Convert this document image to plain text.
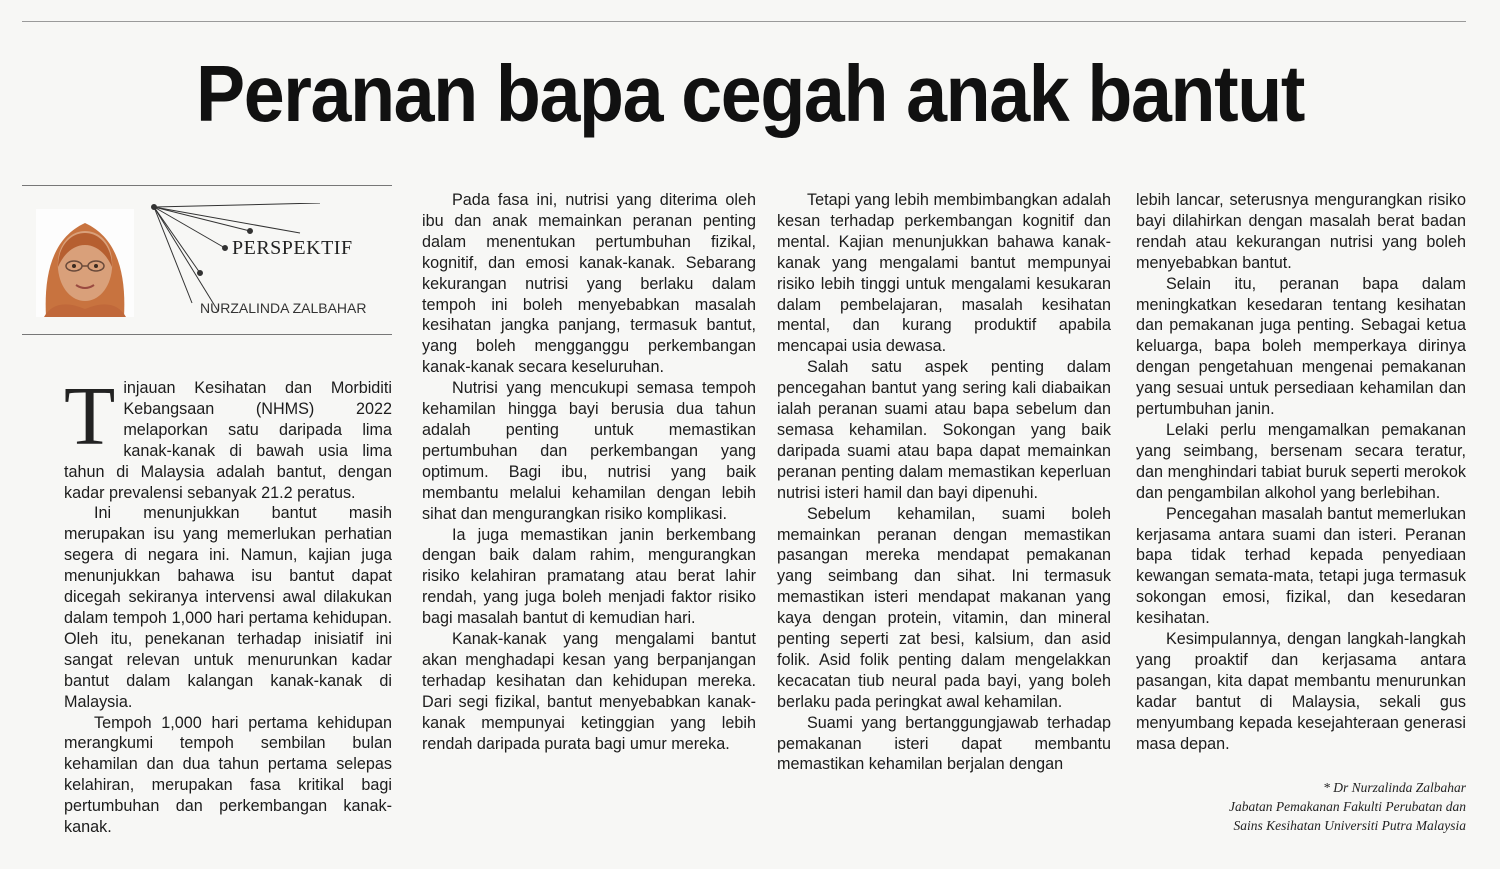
Peranan bapa cegah anak bantut
PERSPEKTIF
NURZALINDA ZALBAHAR
T injauan Kesihatan dan Morbiditi Kebangsaan (NHMS) 2022 melaporkan satu daripada lima kanak-kanak di bawah usia lima tahun di Malaysia adalah bantut, dengan kadar prevalensi sebanyak 21.2 peratus.

Ini menunjukkan bantut masih merupakan isu yang memerlukan perhatian segera di negara ini. Namun, kajian juga menunjukkan bahawa isu bantut dapat dicegah sekiranya intervensi awal dilakukan dalam tempoh 1,000 hari pertama kehidupan. Oleh itu, penekanan terhadap inisiatif ini sangat relevan untuk menurunkan kadar bantut dalam kalangan kanak-kanak di Malaysia.

Tempoh 1,000 hari pertama kehidupan merangkumi tempoh sembilan bulan kehamilan dan dua tahun pertama selepas kelahiran, merupakan fasa kritikal bagi pertumbuhan dan perkembangan kanak-kanak.

Pada fasa ini, nutrisi yang diterima oleh ibu dan anak memainkan peranan penting dalam menentukan pertumbuhan fizikal, kognitif, dan emosi kanak-kanak. Sebarang kekurangan nutrisi yang berlaku dalam tempoh ini boleh menyebabkan masalah kesihatan jangka panjang, termasuk bantut, yang boleh mengganggu perkembangan kanak-kanak secara keseluruhan.

Nutrisi yang mencukupi semasa tempoh kehamilan hingga bayi berusia dua tahun adalah penting untuk memastikan pertumbuhan dan perkembangan yang optimum. Bagi ibu, nutrisi yang baik membantu melalui kehamilan dengan lebih sihat dan mengurangkan risiko komplikasi.

Ia juga memastikan janin berkembang dengan baik dalam rahim, mengurangkan risiko kelahiran pramatang atau berat lahir rendah, yang juga boleh menjadi faktor risiko bagi masalah bantut di kemudian hari.

Kanak-kanak yang mengalami bantut akan menghadapi kesan yang berpanjangan terhadap kesihatan dan kehidupan mereka. Dari segi fizikal, bantut menyebabkan kanak-kanak mempunyai ketinggian yang lebih rendah daripada purata bagi umur mereka.

Tetapi yang lebih membimbangkan adalah kesan terhadap perkembangan kognitif dan mental. Kajian menunjukkan bahawa kanak-kanak yang mengalami bantut mempunyai risiko lebih tinggi untuk mengalami kesukaran dalam pembelajaran, masalah kesihatan mental, dan kurang produktif apabila mencapai usia dewasa.

Salah satu aspek penting dalam pencegahan bantut yang sering kali diabaikan ialah peranan suami atau bapa sebelum dan semasa kehamilan. Sokongan yang baik daripada suami atau bapa dapat memainkan peranan penting dalam memastikan keperluan nutrisi isteri hamil dan bayi dipenuhi.

Sebelum kehamilan, suami boleh memainkan peranan dengan memastikan pasangan mereka mendapat pemakanan yang seimbang dan sihat. Ini termasuk memastikan isteri mendapat makanan yang kaya dengan protein, vitamin, dan mineral penting seperti zat besi, kalsium, dan asid folik. Asid folik penting dalam mengelakkan kecacatan tiub neural pada bayi, yang boleh berlaku pada peringkat awal kehamilan.

Suami yang bertanggungjawab terhadap pemakanan isteri dapat membantu memastikan kehamilan berjalan dengan

lebih lancar, seterusnya mengurangkan risiko bayi dilahirkan dengan masalah berat badan rendah atau kekurangan nutrisi yang boleh menyebabkan bantut.

Selain itu, peranan bapa dalam meningkatkan kesedaran tentang kesihatan dan pemakanan juga penting. Sebagai ketua keluarga, bapa boleh memperkaya dirinya dengan pengetahuan mengenai pemakanan yang sesuai untuk persediaan kehamilan dan pertumbuhan janin.

Lelaki perlu mengamalkan pemakanan yang seimbang, bersenam secara teratur, dan menghindari tabiat buruk seperti merokok dan pengambilan alkohol yang berlebihan.

Pencegahan masalah bantut memerlukan kerjasama antara suami dan isteri. Peranan bapa tidak terhad kepada penyediaan kewangan semata-mata, tetapi juga termasuk sokongan emosi, fizikal, dan kesedaran kesihatan.

Kesimpulannya, dengan langkah-langkah yang proaktif dan kerjasama antara pasangan, kita dapat membantu menurunkan kadar bantut di Malaysia, sekali gus menyumbang kepada kesejahteraan generasi masa depan.

* Dr Nurzalinda Zalbahar
Jabatan Pemakanan Fakulti Perubatan dan
Sains Kesihatan Universiti Putra Malaysia
